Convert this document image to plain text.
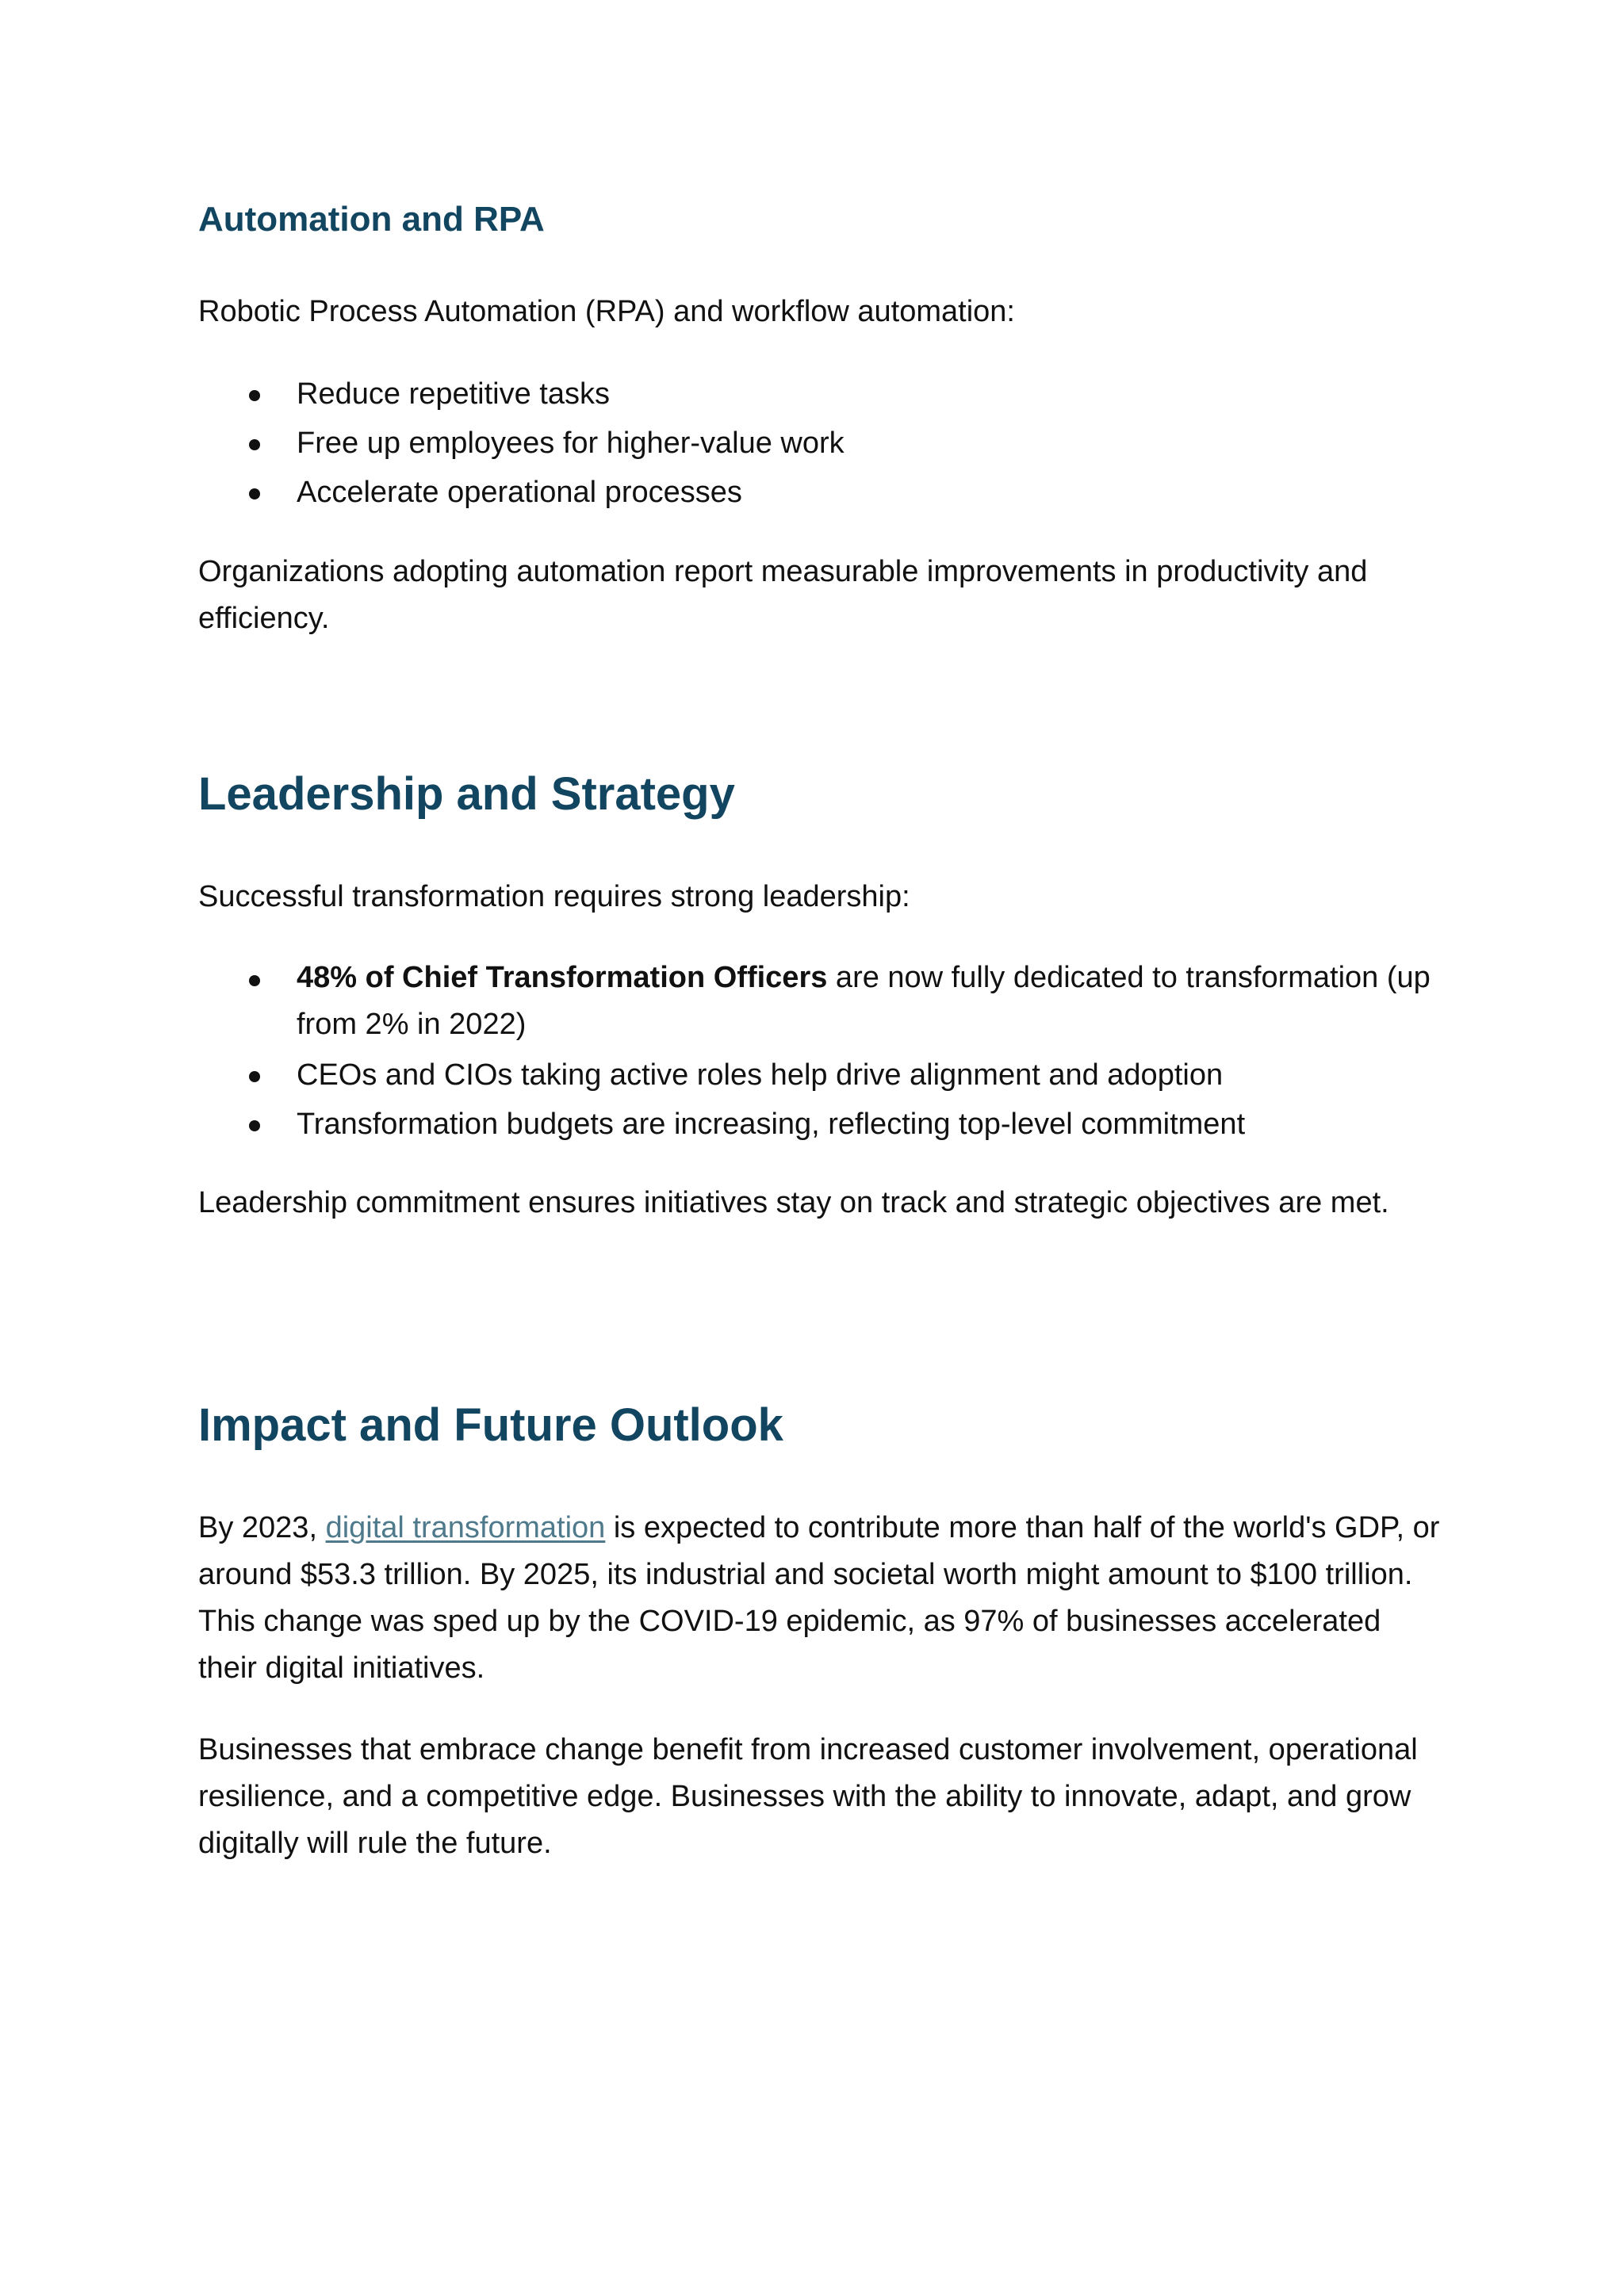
Automation and RPA

Robotic Process Automation (RPA) and workflow automation:

Reduce repetitive tasks
Free up employees for higher-value work
Accelerate operational processes

Organizations adopting automation report measurable improvements in productivity and efficiency.

Leadership and Strategy

Successful transformation requires strong leadership:

48% of Chief Transformation Officers are now fully dedicated to transformation (up from 2% in 2022)
CEOs and CIOs taking active roles help drive alignment and adoption
Transformation budgets are increasing, reflecting top-level commitment

Leadership commitment ensures initiatives stay on track and strategic objectives are met.

Impact and Future Outlook

By 2023, digital transformation is expected to contribute more than half of the world's GDP, or around $53.3 trillion. By 2025, its industrial and societal worth might amount to $100 trillion. This change was sped up by the COVID-19 epidemic, as 97% of businesses accelerated their digital initiatives.

Businesses that embrace change benefit from increased customer involvement, operational resilience, and a competitive edge. Businesses with the ability to innovate, adapt, and grow digitally will rule the future.
